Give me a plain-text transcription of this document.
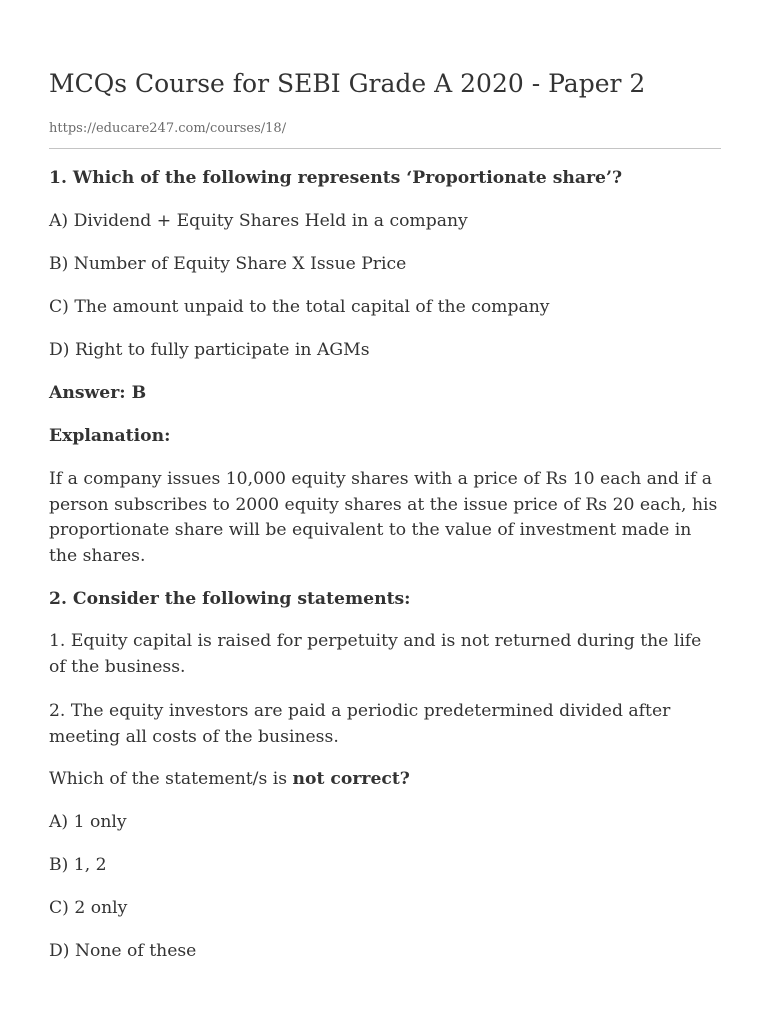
MCQs Course for SEBI Grade A 2020 - Paper 2
https://educare247.com/courses/18/

1. Which of the following represents ‘Proportionate share’?

A) Dividend + Equity Shares Held in a company

B) Number of Equity Share X Issue Price

C) The amount unpaid to the total capital of the company

D) Right to fully participate in AGMs

Answer: B

Explanation:

If a company issues 10,000 equity shares with a price of Rs 10 each and if a

person subscribes to 2000 equity shares at the issue price of Rs 20 each, his

proportionate share will be equivalent to the value of investment made in

the shares.

2. Consider the following statements:

1. Equity capital is raised for perpetuity and is not returned during the life

of the business.

2. The equity investors are paid a periodic predetermined divided after

meeting all costs of the business.

Which of the statement/s is not correct?

A) 1 only

B) 1, 2

C) 2 only

D) None of these
